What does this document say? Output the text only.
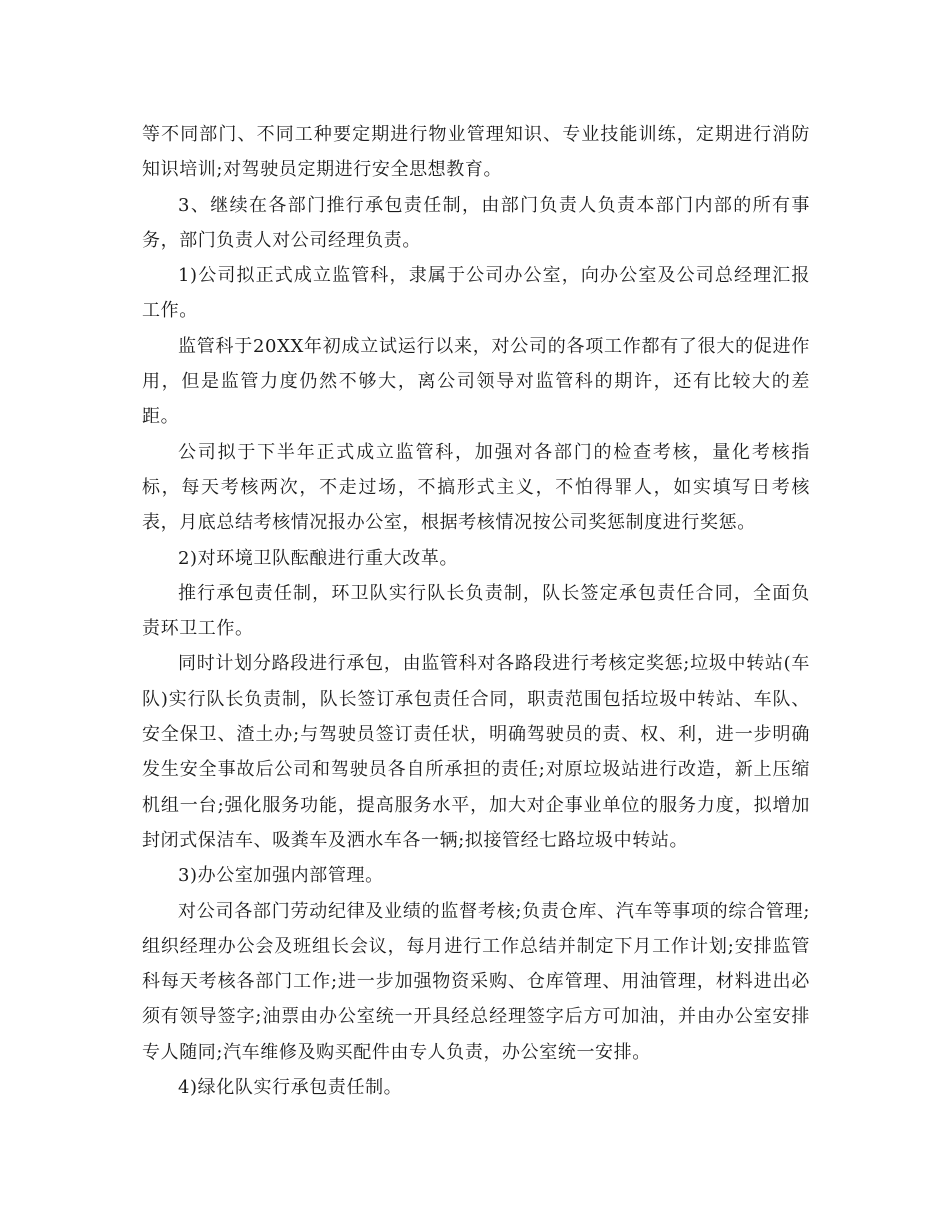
等不同部门、不同工种要定期进行物业管理知识、专业技能训练，定期进行消防知识培训;对驾驶员定期进行安全思想教育。

3、继续在各部门推行承包责任制，由部门负责人负责本部门内部的所有事务，部门负责人对公司经理负责。

1)公司拟正式成立监管科，隶属于公司办公室，向办公室及公司总经理汇报工作。

监管科于20XX年初成立试运行以来，对公司的各项工作都有了很大的促进作用，但是监管力度仍然不够大，离公司领导对监管科的期许，还有比较大的差距。

公司拟于下半年正式成立监管科，加强对各部门的检查考核，量化考核指标，每天考核两次，不走过场，不搞形式主义，不怕得罪人，如实填写日考核表，月底总结考核情况报办公室，根据考核情况按公司奖惩制度进行奖惩。

2)对环境卫队酝酿进行重大改革。

推行承包责任制，环卫队实行队长负责制，队长签定承包责任合同，全面负责环卫工作。

同时计划分路段进行承包，由监管科对各路段进行考核定奖惩;垃圾中转站(车队)实行队长负责制，队长签订承包责任合同，职责范围包括垃圾中转站、车队、安全保卫、渣土办;与驾驶员签订责任状，明确驾驶员的责、权、利，进一步明确发生安全事故后公司和驾驶员各自所承担的责任;对原垃圾站进行改造，新上压缩机组一台;强化服务功能，提高服务水平，加大对企事业单位的服务力度，拟增加封闭式保洁车、吸粪车及洒水车各一辆;拟接管经七路垃圾中转站。

3)办公室加强内部管理。

对公司各部门劳动纪律及业绩的监督考核;负责仓库、汽车等事项的综合管理;组织经理办公会及班组长会议，每月进行工作总结并制定下月工作计划;安排监管科每天考核各部门工作;进一步加强物资采购、仓库管理、用油管理，材料进出必须有领导签字;油票由办公室统一开具经总经理签字后方可加油，并由办公室安排专人随同;汽车维修及购买配件由专人负责，办公室统一安排。

4)绿化队实行承包责任制。
